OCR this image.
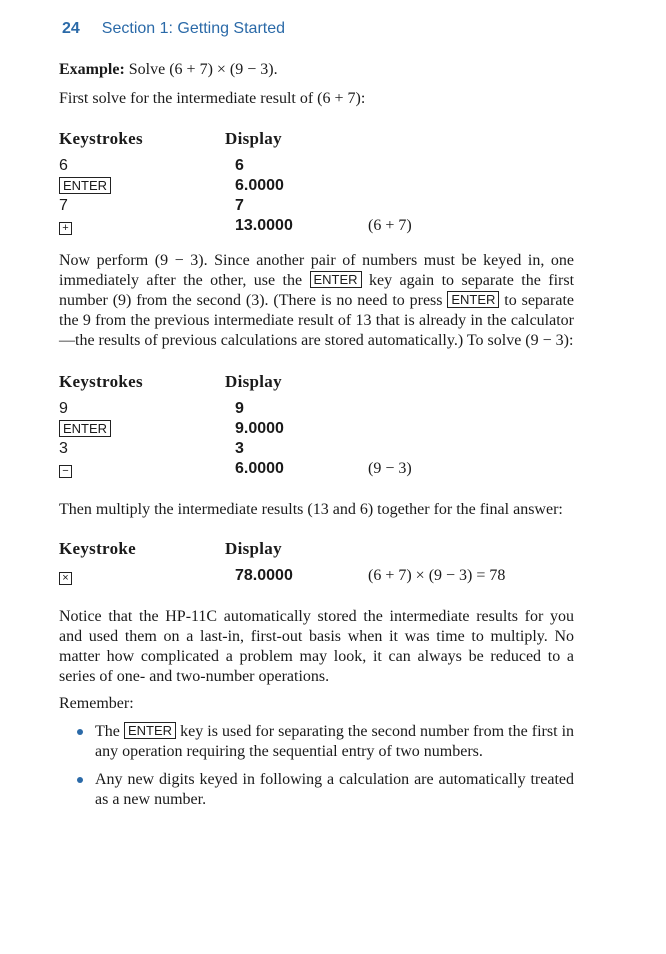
24 Section 1: Getting Started

Example: Solve (6 + 7) × (9 − 3).

First solve for the intermediate result of (6 + 7):

Keystrokes	Display
6	6
ENTER	6.0000
7	7
+	13.0000	(6 + 7)

Now perform (9 − 3). Since another pair of numbers must be keyed in, one immediately after the other, use the ENTER key again to separate the first number (9) from the second (3). (There is no need to press ENTER to separate the 9 from the previous intermediate result of 13 that is already in the calculator—the results of previous calculations are stored automatically.) To solve (9 − 3):

Keystrokes	Display
9	9
ENTER	9.0000
3	3
−	6.0000	(9 − 3)

Then multiply the intermediate results (13 and 6) together for the final answer:

Keystroke	Display
×	78.0000	(6 + 7) × (9 − 3) = 78

Notice that the HP-11C automatically stored the intermediate results for you and used them on a last-in, first-out basis when it was time to multiply. No matter how complicated a problem may look, it can always be reduced to a series of one- and two-number operations.

Remember:

The ENTER key is used for separating the second number from the first in any operation requiring the sequential entry of two numbers.
Any new digits keyed in following a calculation are automatically treated as a new number.
